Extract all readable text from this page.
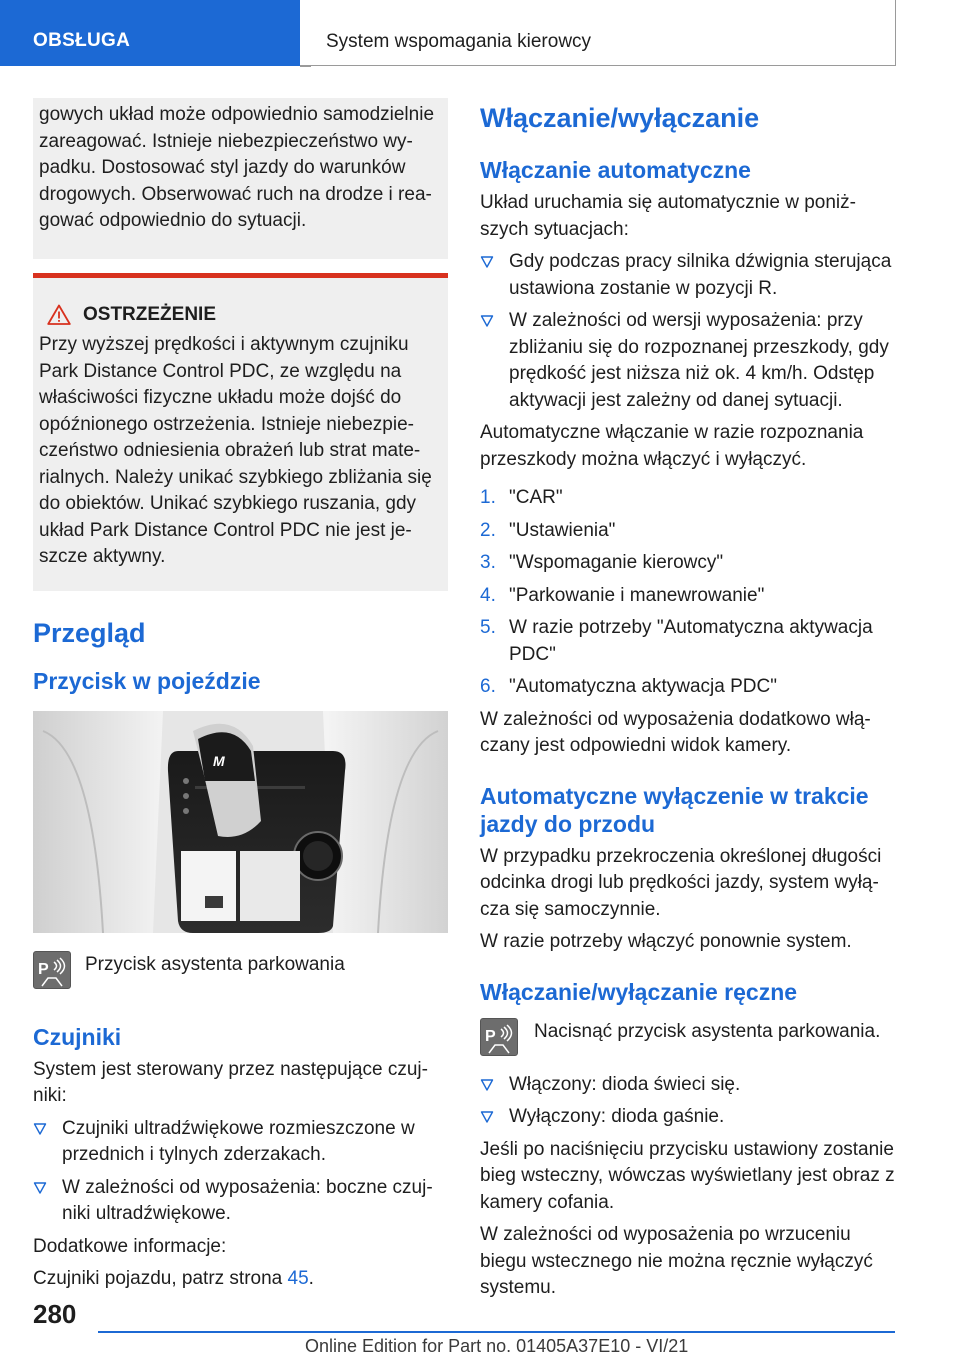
OBSŁUGA	System wspomagania kierowcy
gowych układ może odpowiednio samodzielnie zareagować. Istnieje niebezpieczeństwo wy-padku. Dostosować styl jazdy do warunków drogowych. Obserwować ruch na drodze i rea-gować odpowiednio do sytuacji.
OSTRZEŻENIE
Przy wyższej prędkości i aktywnym czujniku Park Distance Control PDC, ze względu na właściwości fizyczne układu może dojść do opóźnionego ostrzeżenia. Istnieje niebezpie-czeństwo odniesienia obrażeń lub strat mate-rialnych. Należy unikać szybkiego zbliżania się do obiektów. Unikać szybkiego ruszania, gdy układ Park Distance Control PDC nie jest je-szcze aktywny.
Przegląd
Przycisk w pojeździe
M
P Przycisk asystenta parkowania
Czujniki

System jest sterowany przez następujące czuj-niki:

Czujniki ultradźwiękowe rozmieszczone w przednich i tylnych zderzakach.
W zależności od wyposażenia: boczne czuj-niki ultradźwiękowe.

Dodatkowe informacje:

Czujniki pojazdu, patrz strona 45.

Włączanie/wyłączanie
Włączanie automatyczne

Układ uruchamia się automatycznie w poniż-szych sytuacjach:

Gdy podczas pracy silnika dźwignia sterująca ustawiona zostanie w pozycji R.
W zależności od wersji wyposażenia: przy zbliżaniu się do rozpoznanej przeszkody, gdy prędkość jest niższa niż ok. 4 km/h. Odstęp aktywacji jest zależny od danej sytuacji.

Automatyczne włączanie w razie rozpoznania przeszkody można włączyć i wyłączyć.

1. "CAR"
2. "Ustawienia"
3. "Wspomaganie kierowcy"
4. "Parkowanie i manewrowanie"
5. W razie potrzeby "Automatyczna aktywacja PDC"
6. "Automatyczna aktywacja PDC"

W zależności od wyposażenia dodatkowo włą-czany jest odpowiedni widok kamery.

Automatyczne wyłączenie w trakcie jazdy do przodu

W przypadku przekroczenia określonej długości odcinka drogi lub prędkości jazdy, system wyłą-cza się samoczynnie.

W razie potrzeby włączyć ponownie system.

Włączanie/wyłączanie ręczne
P Nacisnąć przycisk asystenta parkowania.
Włączony: dioda świeci się.
Wyłączony: dioda gaśnie.

Jeśli po naciśnięciu przycisku ustawiony zostanie bieg wsteczny, wówczas wyświetlany jest obraz z kamery cofania.

W zależności od wyposażenia po wrzuceniu biegu wstecznego nie można ręcznie wyłączyć systemu.

280
Online Edition for Part no. 01405A37E10 - VI/21
